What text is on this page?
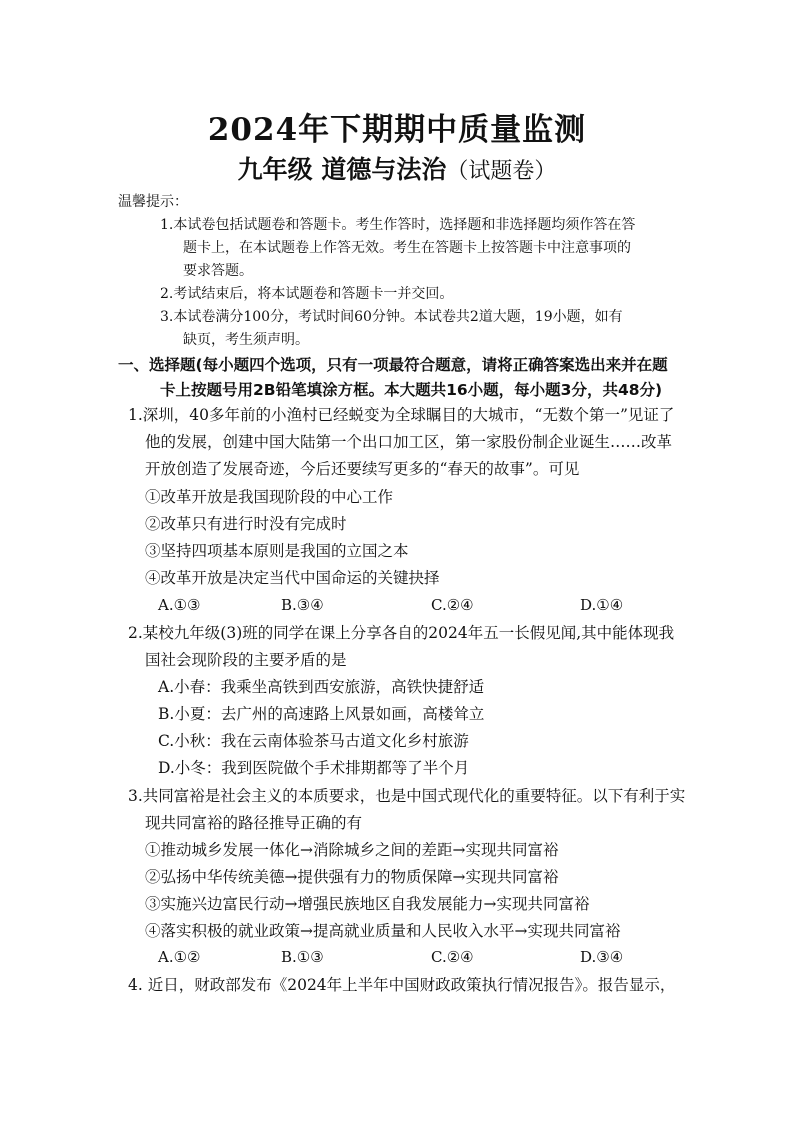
2024年下期期中质量监测
九年级 道德与法治（试题卷）
温馨提示：
1.本试卷包括试题卷和答题卡。考生作答时，选择题和非选择题均须作答在答
题卡上，在本试题卷上作答无效。考生在答题卡上按答题卡中注意事项的
要求答题。
2.考试结束后，将本试题卷和答题卡一并交回。
3.本试卷满分100分，考试时间60分钟。本试卷共2道大题，19小题，如有
缺页，考生须声明。
一、选择题(每小题四个选项，只有一项最符合题意，请将正确答案选出来并在题
卡上按题号用2B铅笔填涂方框。本大题共16小题，每小题3分，共48分)
1.深圳，40多年前的小渔村已经蜕变为全球瞩目的大城市，“无数个第一”见证了
他的发展，创建中国大陆第一个出口加工区，第一家股份制企业诞生……改革
开放创造了发展奇迹，今后还要续写更多的“春天的故事”。可见
①改革开放是我国现阶段的中心工作
②改革只有进行时没有完成时
③坚持四项基本原则是我国的立国之本
④改革开放是决定当代中国命运的关键抉择
A.①③	B.③④	C.②④	D.①④
2.某校九年级(3)班的同学在课上分享各自的2024年五一长假见闻,其中能体现我
国社会现阶段的主要矛盾的是
A.小春：我乘坐高铁到西安旅游，高铁快捷舒适
B.小夏：去广州的高速路上风景如画，高楼耸立
C.小秋：我在云南体验茶马古道文化乡村旅游
D.小冬：我到医院做个手术排期都等了半个月
3.共同富裕是社会主义的本质要求，也是中国式现代化的重要特征。以下有利于实
现共同富裕的路径推导正确的有
①推动城乡发展一体化→消除城乡之间的差距→实现共同富裕
②弘扬中华传统美德→提供强有力的物质保障→实现共同富裕
③实施兴边富民行动→增强民族地区自我发展能力→实现共同富裕
④落实积极的就业政策→提高就业质量和人民收入水平→实现共同富裕
A.①②	B.①③	C.②④	D.③④
4. 近日，财政部发布《2024年上半年中国财政政策执行情况报告》。报告显示，
